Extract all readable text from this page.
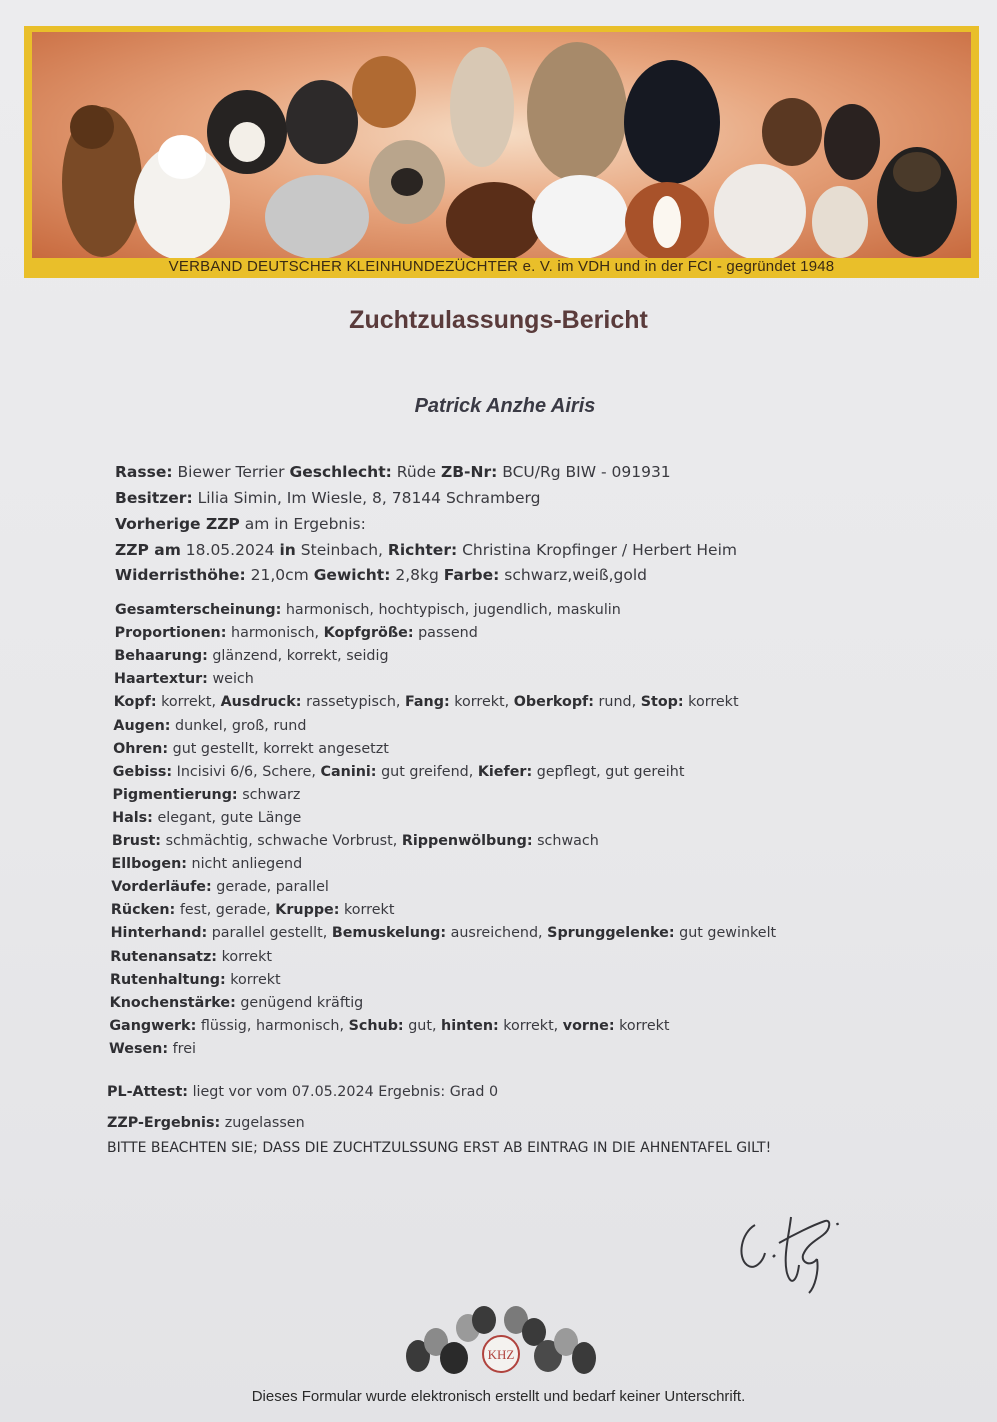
VERBAND DEUTSCHER KLEINHUNDEZÜCHTER e. V. im VDH und in der FCI - gegründet 1948
Zuchtzulassungs-Bericht
Patrick Anzhe Airis
Rasse: Biewer Terrier Geschlecht: Rüde ZB-Nr: BCU/Rg BIW - 091931
Besitzer: Lilia Simin, Im Wiesle, 8, 78144 Schramberg
Vorherige ZZP am in Ergebnis:
ZZP am 18.05.2024 in Steinbach, Richter: Christina Kropfinger / Herbert Heim
Widerristhöhe: 21,0cm Gewicht: 2,8kg Farbe: schwarz,weiß,gold
Gesamterscheinung: harmonisch, hochtypisch, jugendlich, maskulin
Proportionen: harmonisch, Kopfgröße: passend
Behaarung: glänzend, korrekt, seidig
Haartextur: weich
Kopf: korrekt, Ausdruck: rassetypisch, Fang: korrekt, Oberkopf: rund, Stop: korrekt
Augen: dunkel, groß, rund
Ohren: gut gestellt, korrekt angesetzt
Gebiss: Incisivi 6/6, Schere, Canini: gut greifend, Kiefer: gepflegt, gut gereiht
Pigmentierung: schwarz
Hals: elegant, gute Länge
Brust: schmächtig, schwache Vorbrust, Rippenwölbung: schwach
Ellbogen: nicht anliegend
Vorderläufe: gerade, parallel
Rücken: fest, gerade, Kruppe: korrekt
Hinterhand: parallel gestellt, Bemuskelung: ausreichend, Sprunggelenke: gut gewinkelt
Rutenansatz: korrekt
Rutenhaltung: korrekt
Knochenstärke: genügend kräftig
Gangwerk: flüssig, harmonisch, Schub: gut, hinten: korrekt, vorne: korrekt
Wesen: frei
PL-Attest: liegt vor vom 07.05.2024 Ergebnis: Grad 0
ZZP-Ergebnis: zugelassen
BITTE BEACHTEN SIE; DASS DIE ZUCHTZULSSUNG ERST AB EINTRAG IN DIE AHNENTAFEL GILT!
KHZ
Dieses Formular wurde elektronisch erstellt und bedarf keiner Unterschrift.
